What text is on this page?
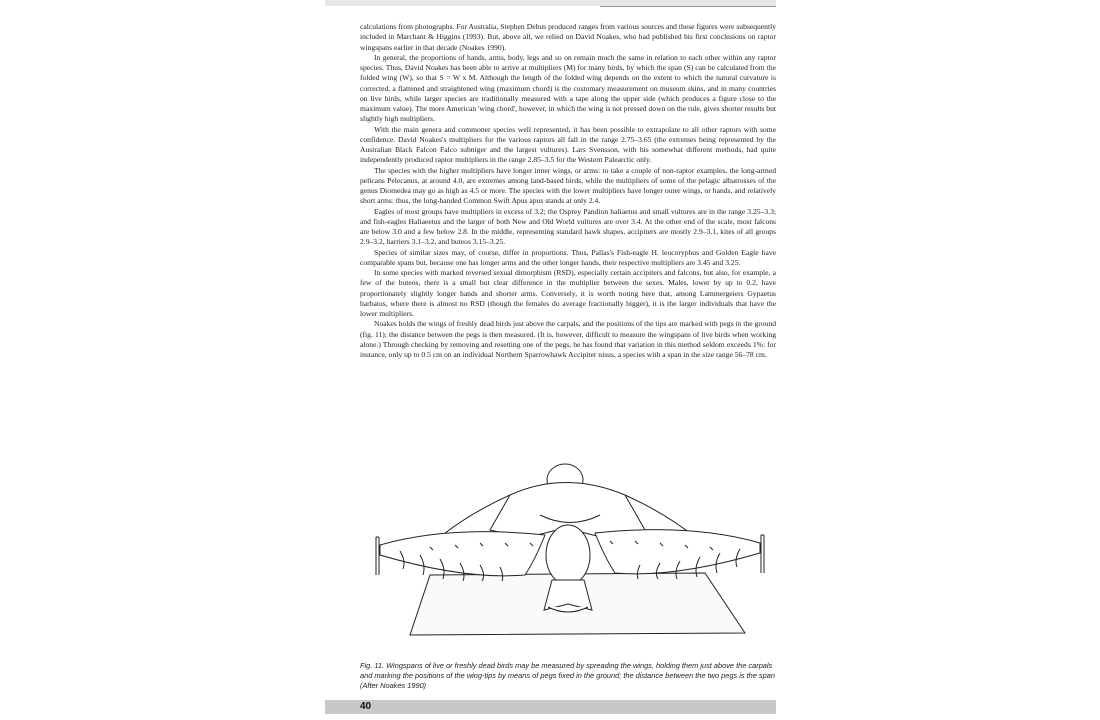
calculations from photographs. For Australia, Stephen Debus produced ranges from various sources and these figures were subsequently included in Marchant & Higgins (1993). But, above all, we relied on David Noakes, who had published his first conclusions on raptor wingspans earlier in that decade (Noakes 1990).

In general, the proportions of hands, arms, body, legs and so on remain much the same in relation to each other within any raptor species. Thus, David Noakes has been able to arrive at multipliers (M) for many birds, by which the span (S) can be calculated from the folded wing (W), so that S = W x M. Although the length of the folded wing depends on the extent to which the natural curvature is corrected, a flattened and straightened wing (maximum chord) is the customary measurement on museum skins, and in many countries on live birds, while larger species are traditionally measured with a tape along the upper side (which produces a figure close to the maximum value). The more American 'wing chord', however, in which the wing is not pressed down on the rule, gives shorter results but slightly high multipliers.

With the main genera and commoner species well represented, it has been possible to extrapolate to all other raptors with some confidence. David Noakes's multipliers for the various raptors all fall in the range 2.75–3.65 (the extremes being represented by the Australian Black Falcon Falco subniger and the largest vultures). Lars Svensson, with his somewhat different methods, had quite independently produced raptor multipliers in the range 2.85–3.5 for the Western Palearctic only.

The species with the higher multipliers have longer inner wings, or arms: to take a couple of non-raptor examples, the long-armed pelicans Pelecanus, at around 4.0, are extremes among land-based birds, while the multipliers of some of the pelagic albatrosses of the genus Diomedea may go as high as 4.5 or more. The species with the lower multipliers have longer outer wings, or hands, and relatively short arms: thus, the long-handed Common Swift Apus apus stands at only 2.4.

Eagles of most groups have multipliers in excess of 3.2; the Osprey Pandion haliaetus and small vultures are in the range 3.25–3.3; and fish-eagles Haliaeetus and the larger of both New and Old World vultures are over 3.4. At the other end of the scale, most falcons are below 3.0 and a few below 2.8. In the middle, representing standard hawk shapes, accipiters are mostly 2.9–3.1, kites of all groups 2.9–3.2, harriers 3.1–3.2, and buteos 3.15–3.25.

Species of similar sizes may, of course, differ in proportions. Thus, Pallas's Fish-eagle H. leucoryphus and Golden Eagle have comparable spans but, because one has longer arms and the other longer hands, their respective multipliers are 3.45 and 3.25.

In some species with marked reversed sexual dimorphism (RSD), especially certain accipiters and falcons, but also, for example, a few of the buteos, there is a small but clear difference in the multiplier between the sexes. Males, lower by up to 0.2, have proportionately slightly longer hands and shorter arms. Conversely, it is worth noting here that, among Lammergeiers Gypaetus barbatus, where there is almost no RSD (though the females do average fractionally bigger), it is the larger individuals that have the lower multipliers.

Noakes holds the wings of freshly dead birds just above the carpals, and the positions of the tips are marked with pegs in the ground (fig. 11); the distance between the pegs is then measured. (It is, however, difficult to measure the wingspans of live birds when working alone.) Through checking by removing and resetting one of the pegs, he has found that variation in this method seldom exceeds 1%: for instance, only up to 0.5 cm on an individual Northern Sparrowhawk Accipiter nisus, a species with a span in the size range 56–78 cm.

Fig. 11. Wingspans of live or freshly dead birds may be measured by spreading the wings, holding them just above the carpals and marking the positions of the wing-tips by means of pegs fixed in the ground; the distance between the two pegs is the span (After Noakes 1990)
40
